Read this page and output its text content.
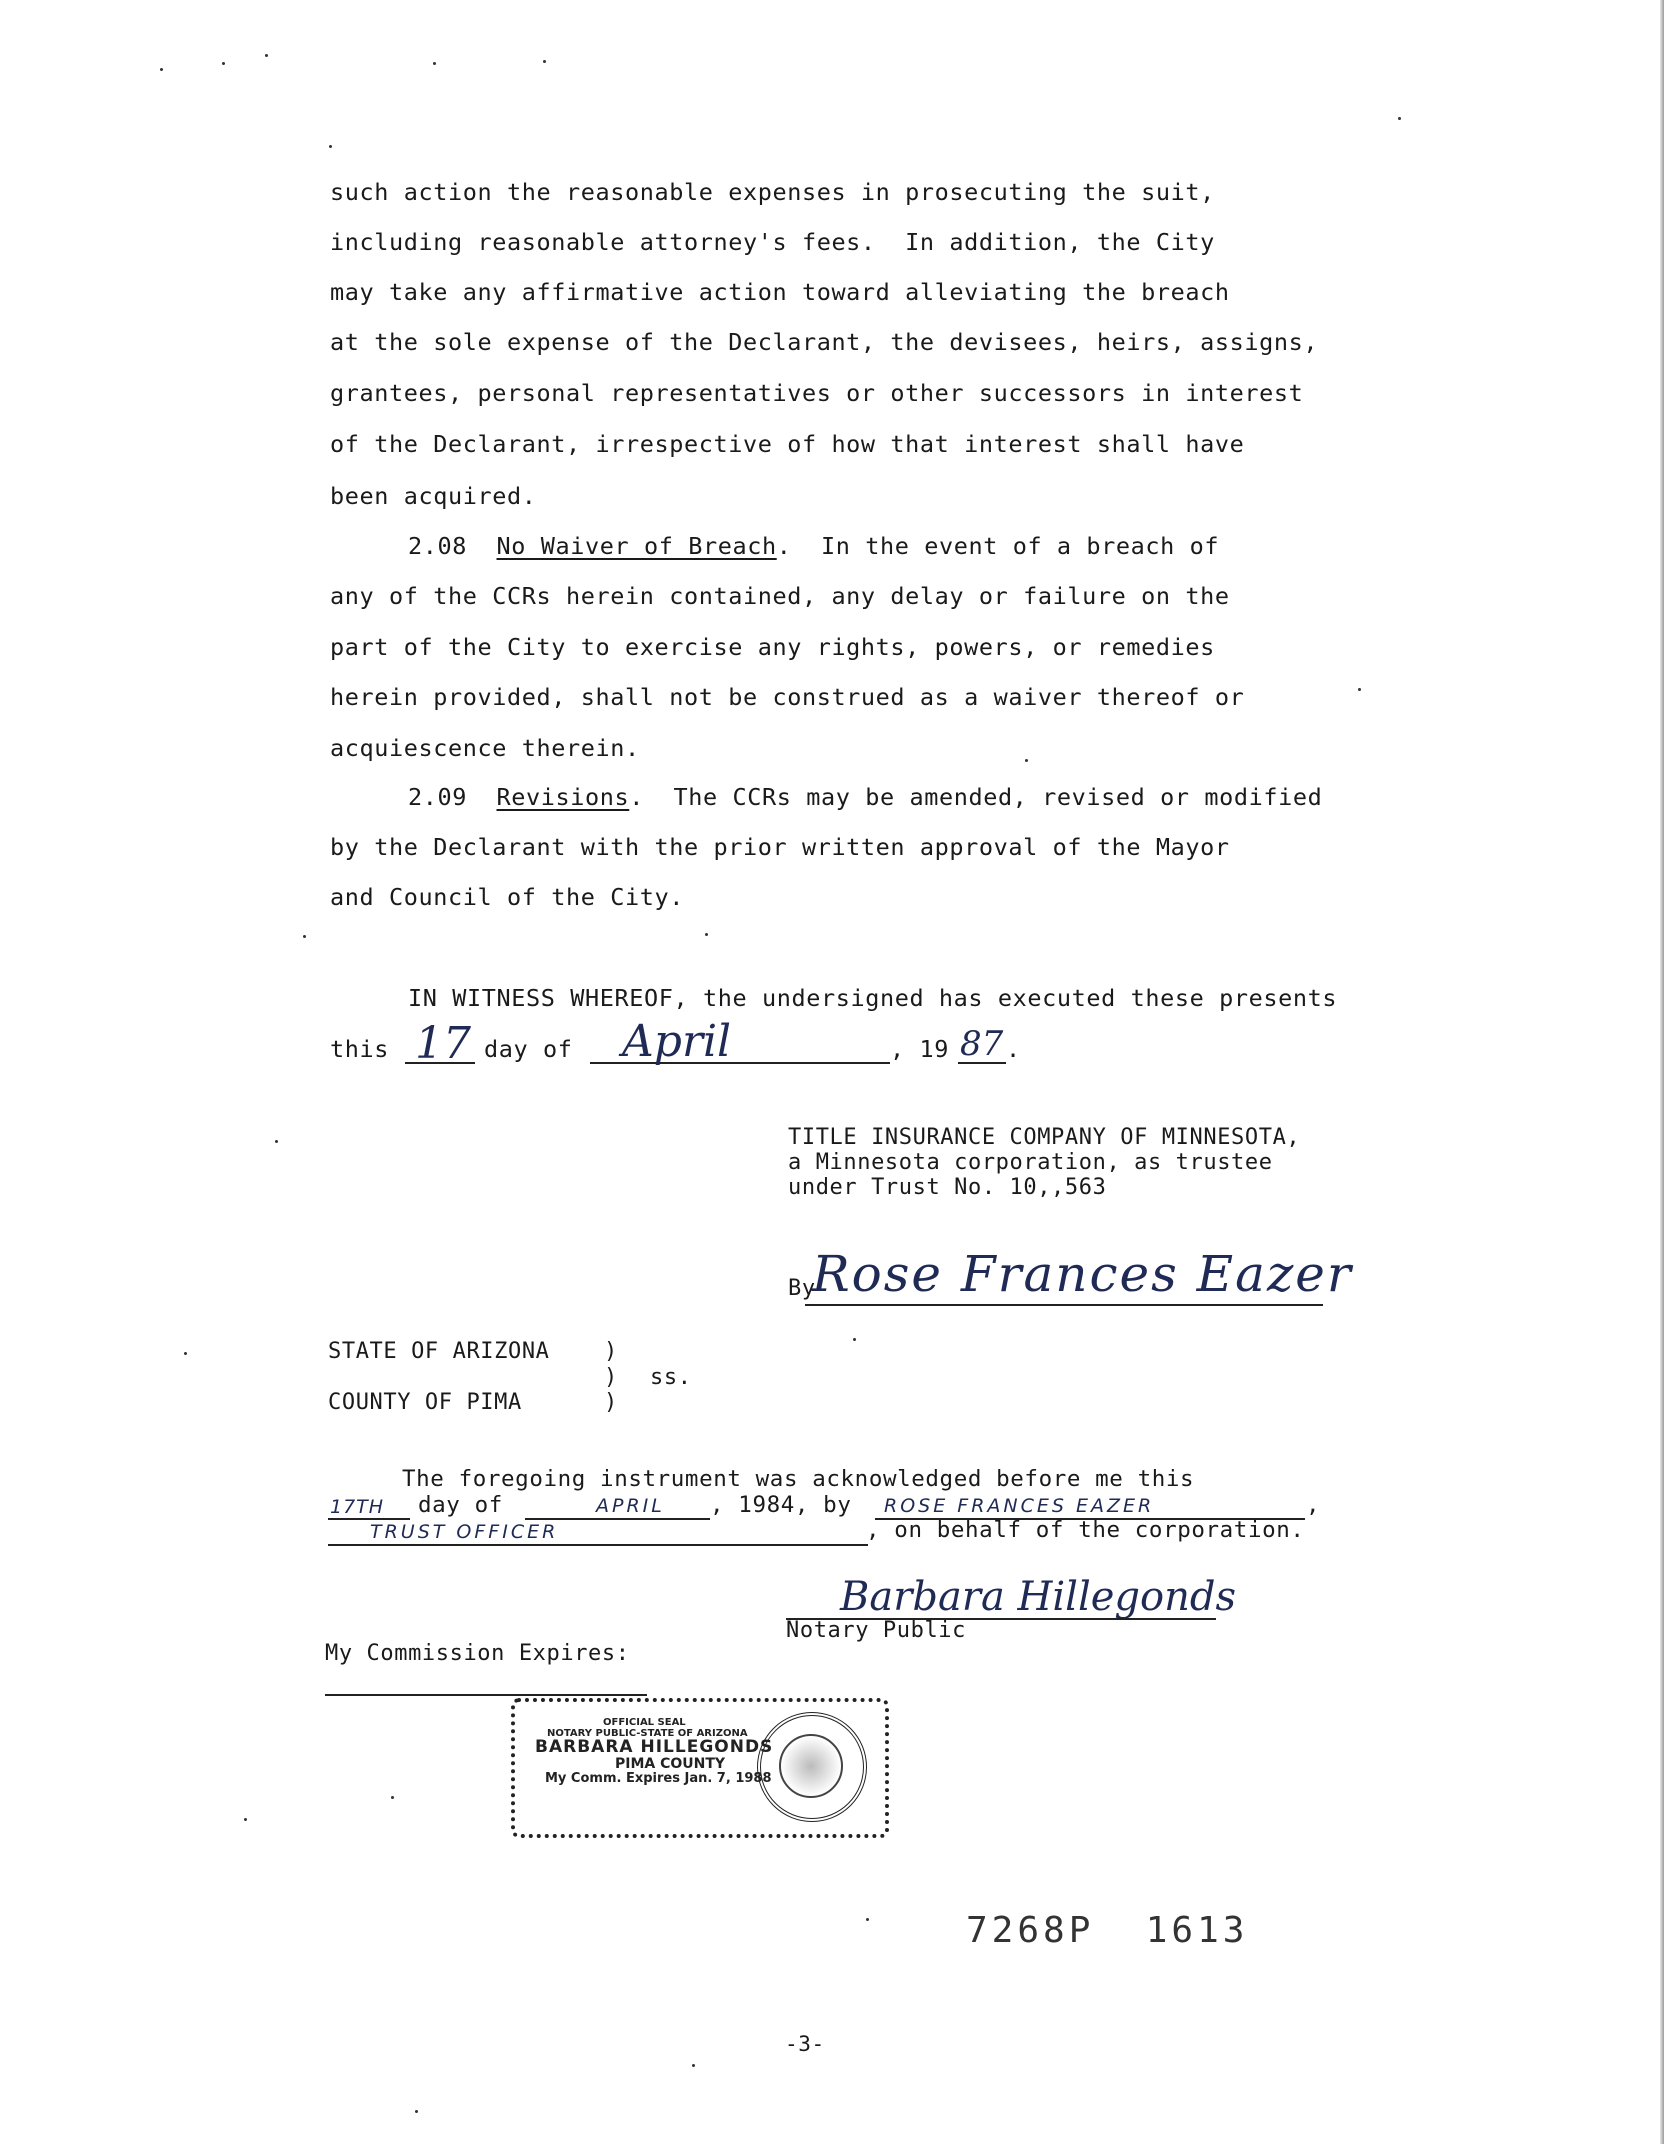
such action the reasonable expenses in prosecuting the suit,
including reasonable attorney's fees.  In addition, the City
may take any affirmative action toward alleviating the breach
at the sole expense of the Declarant, the devisees, heirs, assigns,
grantees, personal representatives or other successors in interest
of the Declarant, irrespective of how that interest shall have
been acquired.
2.08 No Waiver of Breach.  In the event of a breach of
any of the CCRs herein contained, any delay or failure on the
part of the City to exercise any rights, powers, or remedies
herein provided, shall not be construed as a waiver thereof or
acquiescence therein.
2.09 Revisions.  The CCRs may be amended, revised or modified
by the Declarant with the prior written approval of the Mayor
and Council of the City.
IN WITNESS WHEREOF, the undersigned has executed these presents
this 17 day of April	, 19 87 .
TITLE INSURANCE COMPANY OF MINNESOTA,
a Minnesota corporation, as trustee
under Trust No. 10,,563
By
Rose Frances Eazer
STATE OF ARIZONA )
) ss.
COUNTY OF PIMA	)
The foregoing instrument was acknowledged before me this
17TH day of	APRIL , 1984, by ROSE FRANCES EAZER	,
TRUST OFFICER	, on behalf of the corporation.
Barbara Hillegonds
Notary Public
My Commission Expires:
OFFICIAL SEAL
NOTARY PUBLIC-STATE OF ARIZONA
BARBARA HILLEGONDS
PIMA COUNTY
My Comm. Expires Jan. 7, 1988
7268P  1613
-3-
